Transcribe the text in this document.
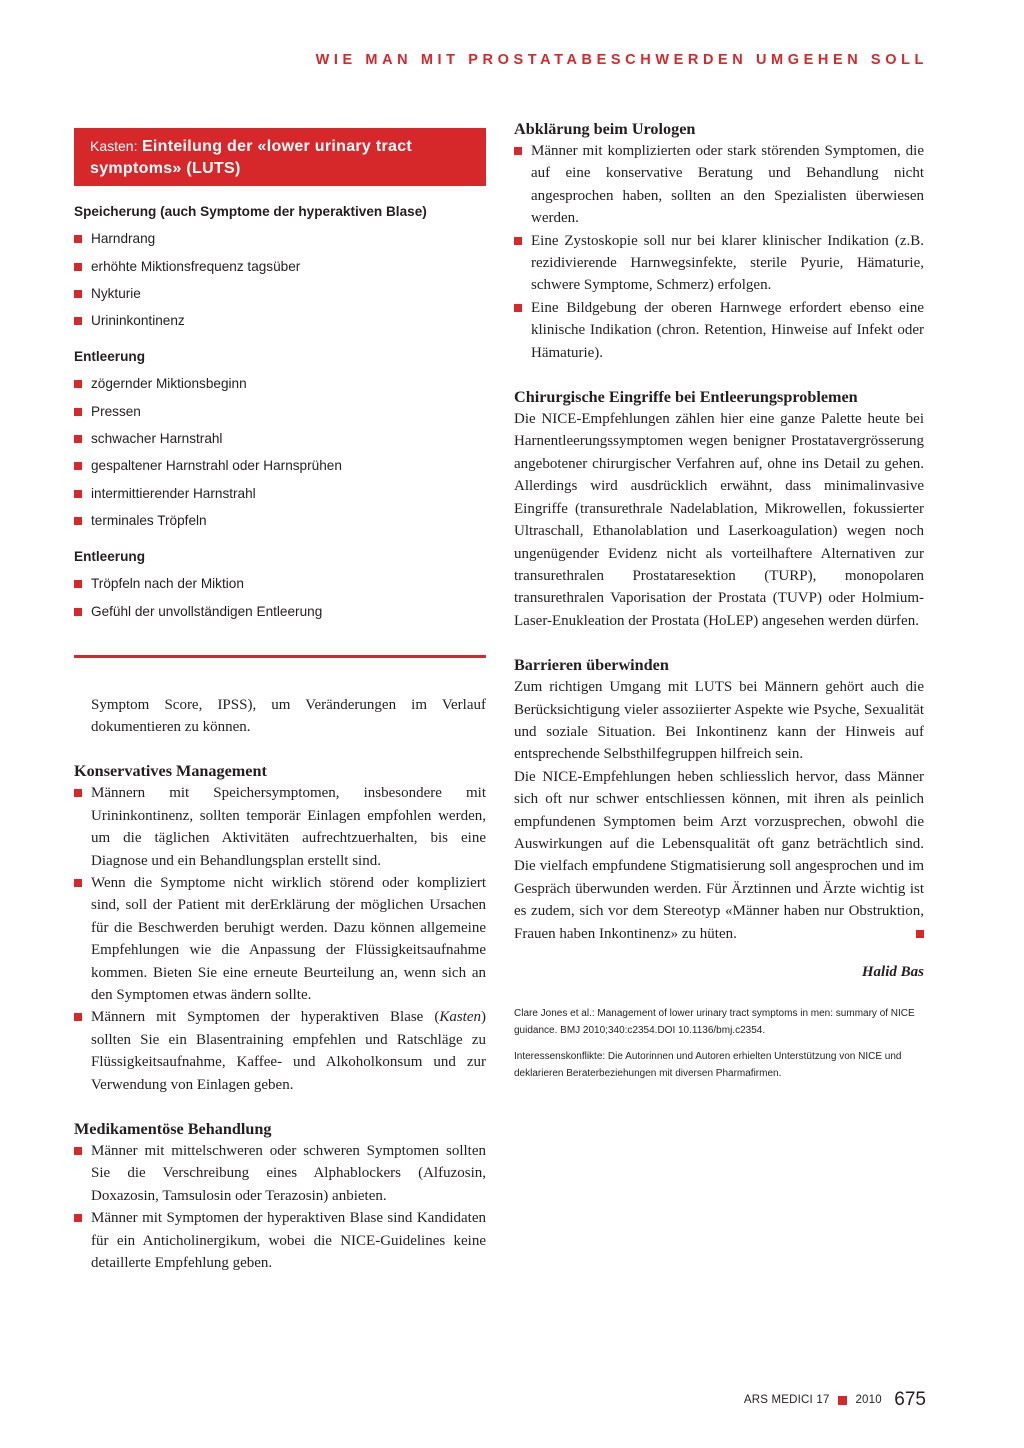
WIE MAN MIT PROSTATABESCHWERDEN UMGEHEN SOLL
Kasten: Einteilung der «lower urinary tract symptoms» (LUTS)

Speicherung (auch Symptome der hyperaktiven Blase)

Harndrang
erhöhte Miktionsfrequenz tagsüber
Nykturie
Urininkontinenz

Entleerung

zögernder Miktionsbeginn
Pressen
schwacher Harnstrahl
gespaltener Harnstrahl oder Harnsprühen
intermittierender Harnstrahl
terminales Tröpfeln

Entleerung

Tröpfeln nach der Miktion
Gefühl der unvollständigen Entleerung

Symptom Score, IPSS), um Veränderungen im Verlauf dokumentieren zu können.

Konservatives Management

Männern mit Speichersymptomen, insbesondere mit Urininkontinenz, sollten temporär Einlagen empfohlen werden, um die täglichen Aktivitäten aufrechtzuerhalten, bis eine Diagnose und ein Behandlungsplan erstellt sind.
Wenn die Symptome nicht wirklich störend oder kompliziert sind, soll der Patient mit derErklärung der möglichen Ursachen für die Beschwerden beruhigt werden. Dazu können allgemeine Empfehlungen wie die Anpassung der Flüssigkeitsaufnahme kommen. Bieten Sie eine erneute Beurteilung an, wenn sich an den Symptomen etwas ändern sollte.
Männern mit Symptomen der hyperaktiven Blase (Kasten) sollten Sie ein Blasentraining empfehlen und Ratschläge zu Flüssigkeitsaufnahme, Kaffee- und Alkoholkonsum und zur Verwendung von Einlagen geben.

Medikamentöse Behandlung

Männer mit mittelschweren oder schweren Symptomen sollten Sie die Verschreibung eines Alphablockers (Alfuzosin, Doxazosin, Tamsulosin oder Terazosin) anbieten.
Männer mit Symptomen der hyperaktiven Blase sind Kandidaten für ein Anticholinergikum, wobei die NICE-Guidelines keine detaillerte Empfehlung geben.

Abklärung beim Urologen

Männer mit komplizierten oder stark störenden Symptomen, die auf eine konservative Beratung und Behandlung nicht angesprochen haben, sollten an den Spezialisten überwiesen werden.
Eine Zystoskopie soll nur bei klarer klinischer Indikation (z.B. rezidivierende Harnwegsinfekte, sterile Pyurie, Hämaturie, schwere Symptome, Schmerz) erfolgen.
Eine Bildgebung der oberen Harnwege erfordert ebenso eine klinische Indikation (chron. Retention, Hinweise auf Infekt oder Hämaturie).

Chirurgische Eingriffe bei Entleerungsproblemen

Die NICE-Empfehlungen zählen hier eine ganze Palette heute bei Harnentleerungssymptomen wegen benigner Prostatavergrösserung angebotener chirurgischer Verfahren auf, ohne ins Detail zu gehen. Allerdings wird ausdrücklich erwähnt, dass minimalinvasive Eingriffe (transurethrale Nadelablation, Mikrowellen, fokussierter Ultraschall, Ethanolablation und Laserkoagulation) wegen noch ungenügender Evidenz nicht als vorteilhaftere Alternativen zur transurethralen Prostataresektion (TURP), monopolaren transurethralen Vaporisation der Prostata (TUVP) oder Holmium-Laser-Enukleation der Prostata (HoLEP) angesehen werden dürfen.

Barrieren überwinden

Zum richtigen Umgang mit LUTS bei Männern gehört auch die Berücksichtigung vieler assoziierter Aspekte wie Psyche, Sexualität und soziale Situation. Bei Inkontinenz kann der Hinweis auf entsprechende Selbsthilfegruppen hilfreich sein.

Die NICE-Empfehlungen heben schliesslich hervor, dass Männer sich oft nur schwer entschliessen können, mit ihren als peinlich empfundenen Symptomen beim Arzt vorzusprechen, obwohl die Auswirkungen auf die Lebensqualität oft ganz beträchtlich sind. Die vielfach empfundene Stigmatisierung soll angesprochen und im Gespräch überwunden werden. Für Ärztinnen und Ärzte wichtig ist es zudem, sich vor dem Stereotyp «Männer haben nur Obstruktion, Frauen haben Inkontinenz» zu hüten.

Halid Bas

Clare Jones et al.: Management of lower urinary tract symptoms in men: summary of NICE guidance. BMJ 2010;340:c2354.DOI 10.1136/bmj.c2354.

Interessenskonflikte: Die Autorinnen und Autoren erhielten Unterstützung von NICE und deklarieren Beraterbeziehungen mit diversen Pharmafirmen.

ARS MEDICI 17 2010 675
